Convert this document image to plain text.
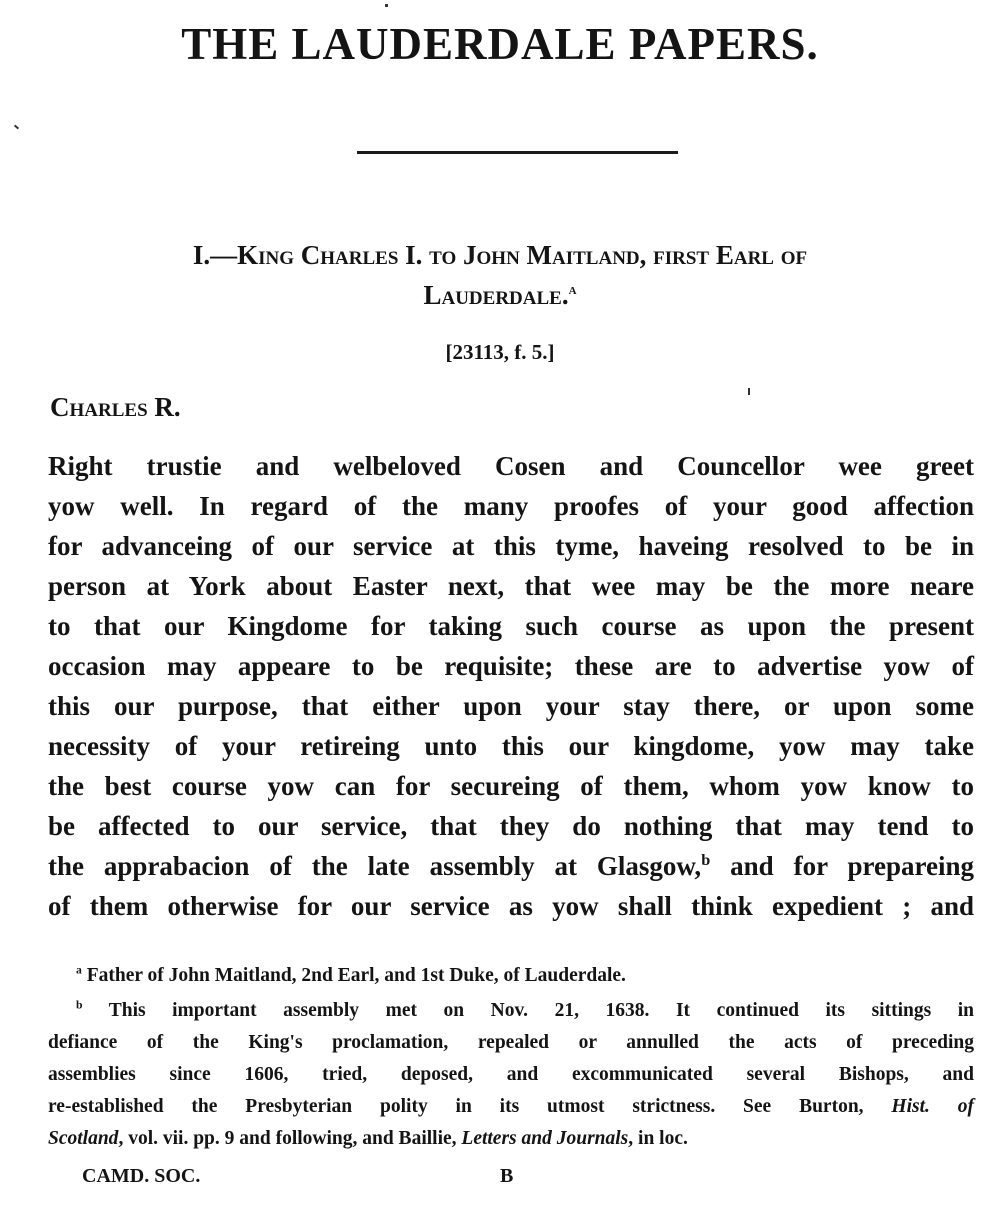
THE LAUDERDALE PAPERS.
I.—King Charles I. to John Maitland, first Earl of
Lauderdale.$^a$
[23113, f. 5.]
Charles R.
Right trustie and welbeloved Cosen and Councellor wee greet
yow well. In regard of the many proofes of your good affection
for advanceing of our service at this tyme, haveing resolved to be in
person at York about Easter next, that wee may be the more neare
to that our Kingdome for taking such course as upon the present
occasion may appeare to be requisite; these are to advertise yow of
this our purpose, that either upon your stay there, or upon some
necessity of your retireing unto this our kingdome, yow may take
the best course yow can for secureing of them, whom yow know to
be affected to our service, that they do nothing that may tend to
the apprabacion of the late assembly at Glasgow,$^b$ and for prepareing
of them otherwise for our service as yow shall think expedient ; and
$^a$ Father of John Maitland, 2nd Earl, and 1st Duke, of Lauderdale.
$^b$ This important assembly met on Nov. 21, 1638. It continued its sittings in
defiance of the King's proclamation, repealed or annulled the acts of preceding
assemblies since 1606, tried, deposed, and excommunicated several Bishops, and
re-established the Presbyterian polity in its utmost strictness. See Burton, Hist. of
Scotland, vol. vii. pp. 9 and following, and Baillie, Letters and Journals, in loc.
CAMD. SOC.	B
